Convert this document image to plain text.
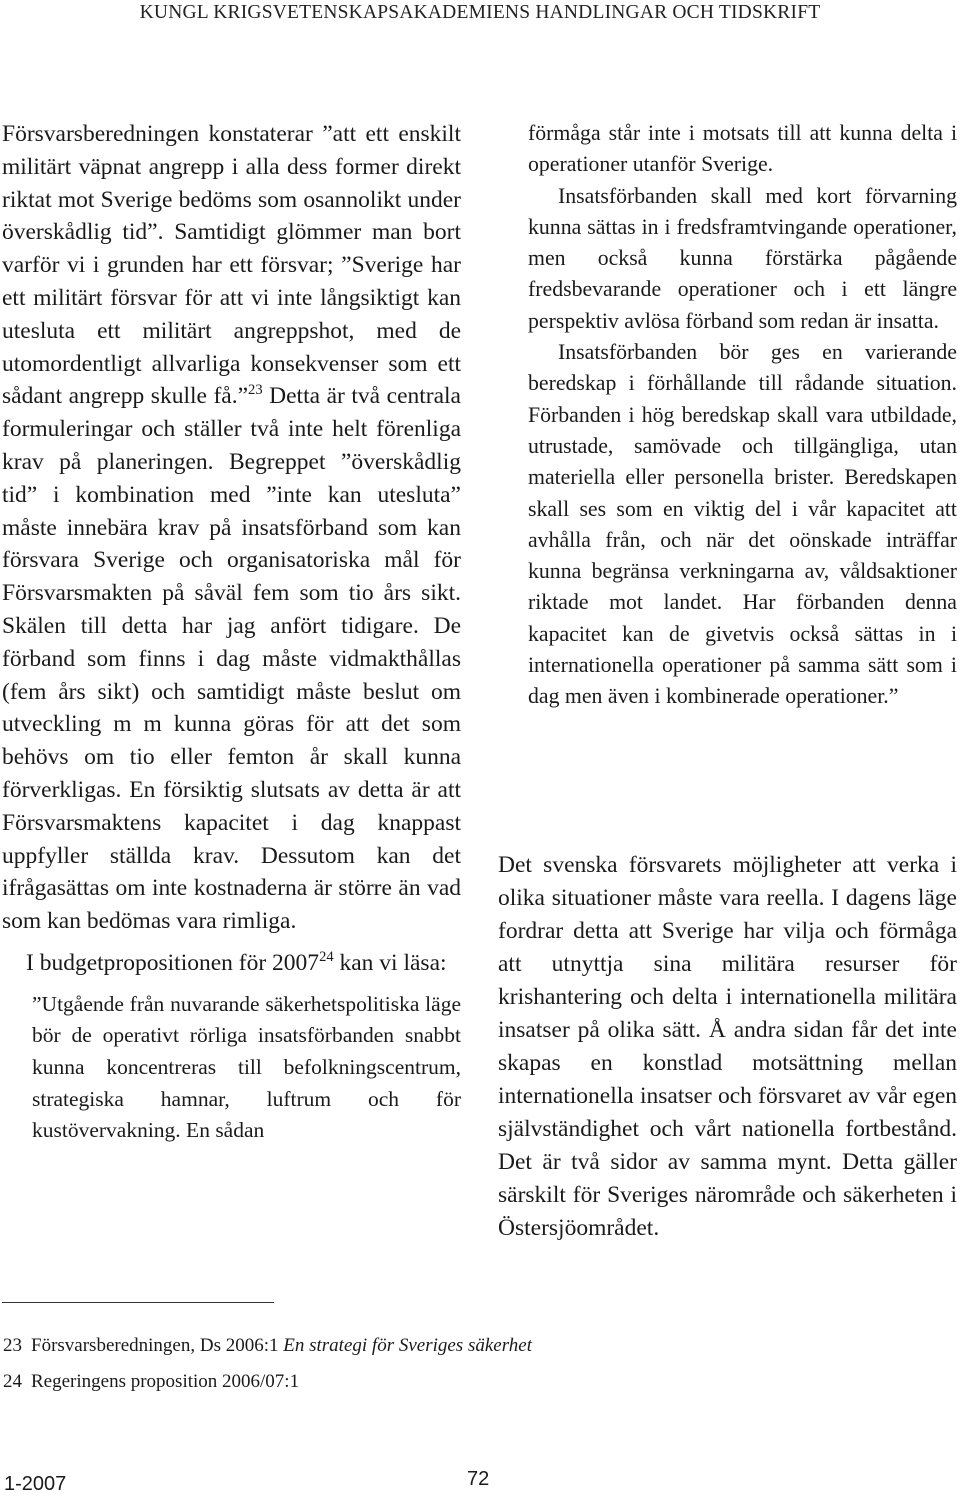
KUNGL KRIGSVETENSKAPSAKADEMIENS HANDLINGAR OCH TIDSKRIFT

Försvarsberedningen konstaterar ”att ett enskilt militärt väpnat angrepp i alla dess former direkt riktat mot Sverige bedöms som osannolikt under överskådlig tid”. Samtidigt glömmer man bort varför vi i grunden har ett försvar; ”Sverige har ett militärt försvar för att vi inte långsiktigt kan utesluta ett militärt angreppshot, med de utomordentligt allvarliga konsekvenser som ett sådant angrepp skulle få.”$^{23}$ Detta är två centrala formuleringar och ställer två inte helt förenliga krav på planeringen. Begreppet ”överskådlig tid” i kombination med ”inte kan utesluta” måste innebära krav på insatsförband som kan försvara Sverige och organisatoriska mål för Försvarsmakten på såväl fem som tio års sikt. Skälen till detta har jag anfört tidigare. De förband som finns i dag måste vidmakthållas (fem års sikt) och samtidigt måste beslut om utveckling m m kunna göras för att det som behövs om tio eller femton år skall kunna förverkligas. En försiktig slutsats av detta är att Försvarsmaktens kapacitet i dag knappast uppfyller ställda krav. Dessutom kan det ifrågasättas om inte kostnaderna är större än vad som kan bedömas vara rimliga.

I budgetpropositionen för 2007$^{24}$ kan vi läsa:

”Utgående från nuvarande säkerhetspolitiska läge bör de operativt rörliga insatsförbanden snabbt kunna koncentreras till befolkningscentrum, strategiska hamnar, luftrum och för kustövervakning. En sådan

förmåga står inte i motsats till att kunna delta i operationer utanför Sverige.

Insatsförbanden skall med kort förvarning kunna sättas in i fredsframtvingande operationer, men också kunna förstärka pågående fredsbevarande operationer och i ett längre perspektiv avlösa förband som redan är insatta.

Insatsförbanden bör ges en varierande beredskap i förhållande till rådande situation. Förbanden i hög beredskap skall vara utbildade, utrustade, samövade och tillgängliga, utan materiella eller personella brister. Beredskapen skall ses som en viktig del i vår kapacitet att avhålla från, och när det oönskade inträffar kunna begränsa verkningarna av, våldsaktioner riktade mot landet. Har förbanden denna kapacitet kan de givetvis också sättas in i internationella operationer på samma sätt som i dag men även i kombinerade operationer.”

Det svenska försvarets möjligheter att verka i olika situationer måste vara reella. I dagens läge fordrar detta att Sverige har vilja och förmåga att utnyttja sina militära resurser för krishantering och delta i internationella militära insatser på olika sätt. Å andra sidan får det inte skapas en konstlad motsättning mellan internationella insatser och försvaret av vår egen självständighet och vårt nationella fortbestånd. Det är två sidor av samma mynt. Detta gäller särskilt för Sveriges närområde och säkerheten i Östersjöområdet.

23 Försvarsberedningen, Ds 2006:1 En strategi för Sveriges säkerhet
24 Regeringens proposition 2006/07:1
1-2007	72
